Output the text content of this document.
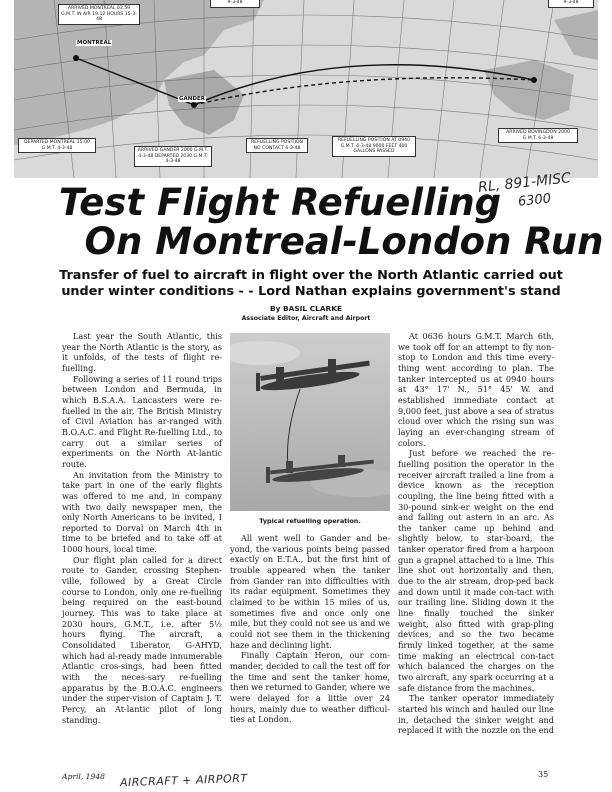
ARRIVED MONTREAL 03.59 G.M.T. IN AIR 19.12 HOURS 15-3-48
MONTREAL
GANDER
DEPARTED MONTREAL 15.00 G.M.T. 4-3-48	ARRIVED GANDER 2000 G.M.T. 4-3-48 DEPARTED 2030 G.M.T. 4-3-48
REFUELLING POSITION NO CONTACT 6-3-48
REFUELLING POSITION AT 0940 G.M.T. 6-3-48 9000 FEET 400 GALLONS PASSED
ARRIVED BOVINGDON 2000 G.M.T. 6-3-48
9-3-48	9-3-48
RL, 891-MISC
6300
Test Flight Refuelling
On Montreal-London Run
Transfer of fuel to aircraft in flight over the North Atlantic carried out under winter conditions - - Lord Nathan explains government's stand
By BASIL CLARKE
Associate Editor, Aircraft and Airport

Last year the South Atlantic, this year the North Atlantic is the story, as it unfolds, of the tests of flight re-fuelling.

Following a series of 11 round trips between London and Bermuda, in which B.S.A.A. Lancasters were re-fuelled in the air, The British Ministry of Civil Aviation has ar-ranged with B.O.A.C. and Flight Re-fuelling Ltd., to carry out a similar series of experiments on the North At-lantic route.

An invitation from the Ministry to take part in one of the early flights was offered to me and, in company with two daily newspaper men, the only North Americans to be invited, I reported to Dorval on March 4th in time to be briefed and to take off at 1000 hours, local time.

Our flight plan called for a direct route to Gander, crossing Stephen-ville, followed by a Great Circle course to London, only one re-fuelling being required on the east-bound journey. This was to take place at 2030 hours, G.M.T., i.e. after 5½ hours flying. The aircraft, a Consolidated Liberator, G-AHYD, which had al-ready made innumerable Atlantic cros-sings, had been fitted with the neces-sary re-fuelling apparatus by the B.O.A.C. engineers under the super-vision of Captain J. T. Percy, an At-lantic pilot of long standing.

Typical refuelling operation.

All went well to Gander and be-yond, the various points being passed exactly on E.T.A., but the first hint of trouble appeared when the tanker from Gander ran into difficulties with its radar equipment. Sometimes they claimed to be within 15 miles of us, sometimes five and once only one mile, but they could not see us and we could not see them in the thickening haze and declining light.

Finally Captain Heron, our com-mander, decided to call the test off for the time and sent the tanker home, then we returned to Gander, where we were delayed for a little over 24 hours, mainly due to weather difficul-ties at London.

At 0636 hours G.M.T. March 6th, we took off for an attempt to fly non-stop to London and this time every-thing went according to plan. The tanker intercepted us at 0940 hours at 43° 17' N., 51° 45' W. and established immediate contact at 9,000 feet, just above a sea of stratus cloud over which the rising sun was laying an ever-changing stream of colors.

Just before we reached the re-fuelling position the operator in the receiver aircraft trailed a line from a device known as the reception coupling, the line being fitted with a 30-pound sink-er weight on the end and falling out astern in an arc. As the tanker came up behind and slightly below, to star-board, the tanker operator fired from a harpoon gun a grapnel attached to a line. This line shot out horizontally and then, due to the air stream, drop-ped back and down until it made con-tact with our trailing line. Sliding down it the line finally touched the sinker weight, also fitted with grap-pling devices, and so the two became firmly linked together, at the same time making an electrical con-tact which balanced the charges on the two aircraft, any spark occurring at a safe distance from the machines.

The tanker operator immediately started his winch and hauled our line in, detached the sinker weight and replaced it with the nozzle on the end

April, 1948 AIRCRAFT + AIRPORT	35
